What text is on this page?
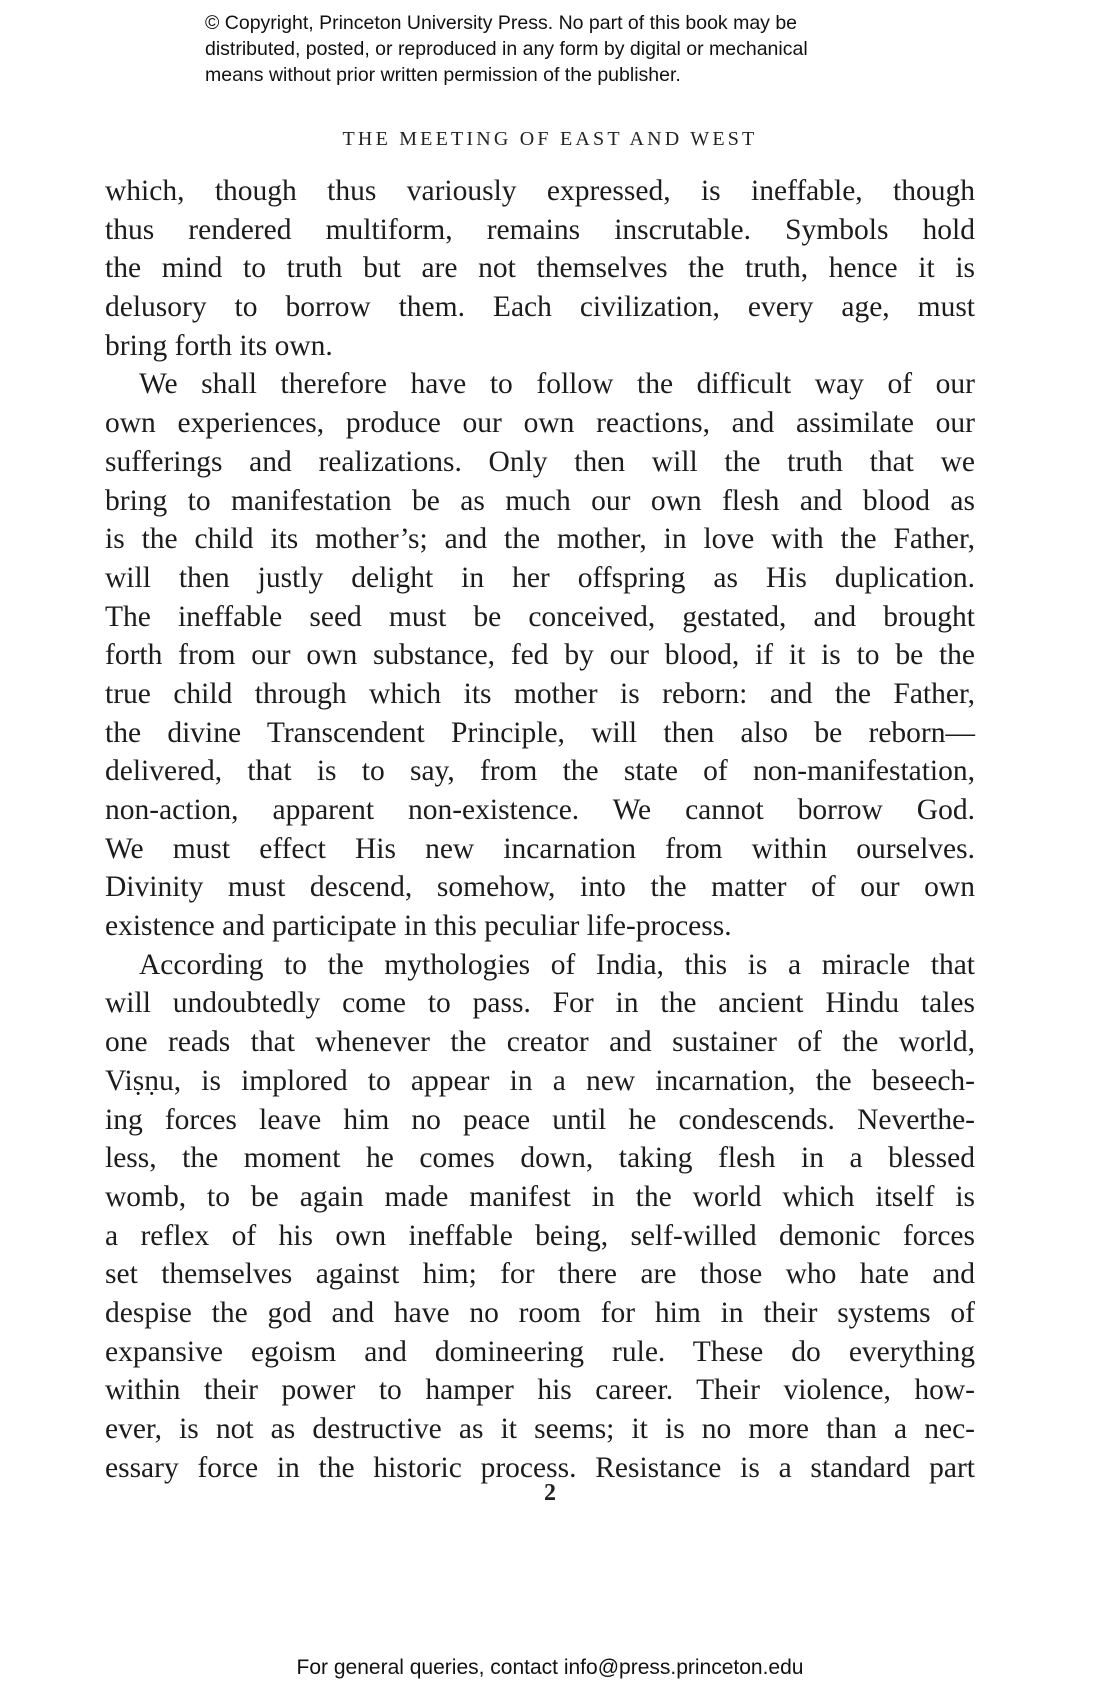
© Copyright, Princeton University Press. No part of this book may be
distributed, posted, or reproduced in any form by digital or mechanical
means without prior written permission of the publisher.
THE MEETING OF EAST AND WEST
which, though thus variously expressed, is ineffable, though
thus rendered multiform, remains inscrutable. Symbols hold
the mind to truth but are not themselves the truth, hence it is
delusory to borrow them. Each civilization, every age, must
bring forth its own.
We shall therefore have to follow the difficult way of our
own experiences, produce our own reactions, and assimilate our
sufferings and realizations. Only then will the truth that we
bring to manifestation be as much our own flesh and blood as
is the child its mother’s; and the mother, in love with the Father,
will then justly delight in her offspring as His duplication.
The ineffable seed must be conceived, gestated, and brought
forth from our own substance, fed by our blood, if it is to be the
true child through which its mother is reborn: and the Father,
the divine Transcendent Principle, will then also be reborn—
delivered, that is to say, from the state of non-manifestation,
non-action, apparent non-existence. We cannot borrow God.
We must effect His new incarnation from within ourselves.
Divinity must descend, somehow, into the matter of our own
existence and participate in this peculiar life-process.
According to the mythologies of India, this is a miracle that
will undoubtedly come to pass. For in the ancient Hindu tales
one reads that whenever the creator and sustainer of the world,
Viṣṇu, is implored to appear in a new incarnation, the beseech-
ing forces leave him no peace until he condescends. Neverthe-
less, the moment he comes down, taking flesh in a blessed
womb, to be again made manifest in the world which itself is
a reflex of his own ineffable being, self-willed demonic forces
set themselves against him; for there are those who hate and
despise the god and have no room for him in their systems of
expansive egoism and domineering rule. These do everything
within their power to hamper his career. Their violence, how-
ever, is not as destructive as it seems; it is no more than a nec-
essary force in the historic process. Resistance is a standard part
2
For general queries, contact info@press.princeton.edu
